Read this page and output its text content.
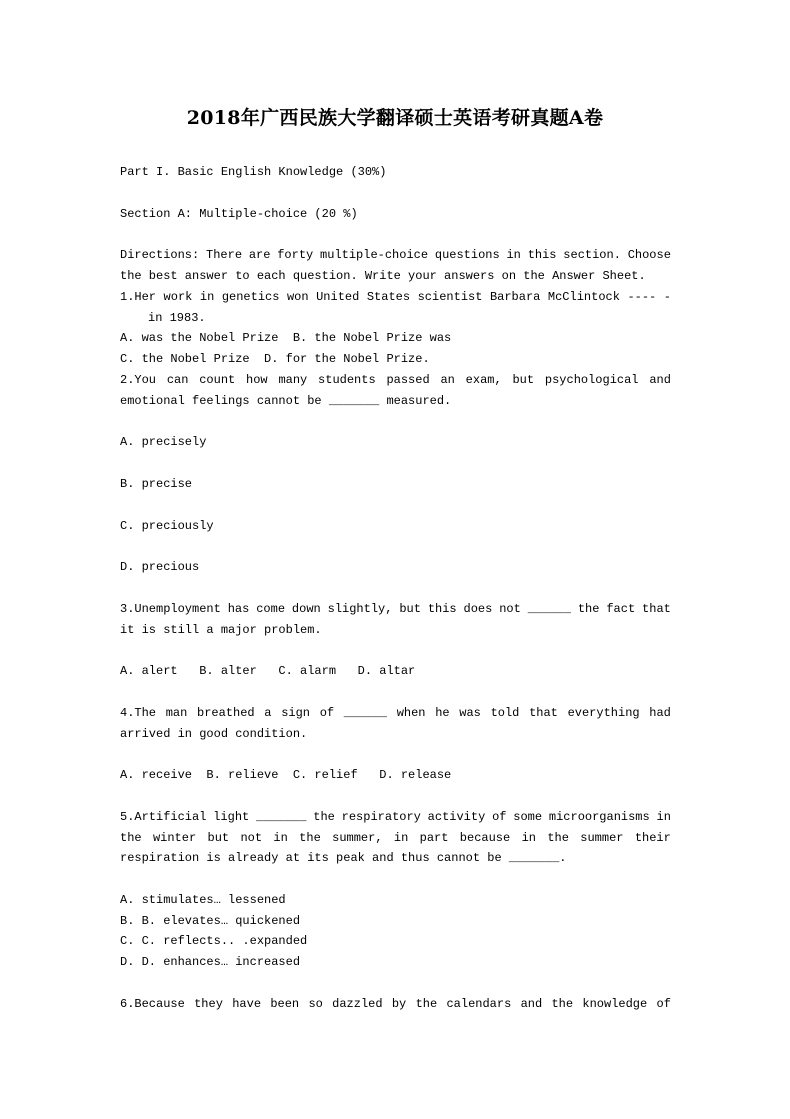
2018年广西民族大学翻译硕士英语考研真题A卷
Part I. Basic English Knowledge (30%)
Section A: Multiple-choice (20 %)
Directions: There are forty multiple-choice questions in this section. Choose
the best answer to each question. Write your answers on the Answer Sheet.
1.Her work in genetics won United States scientist Barbara McClintock ---- -
in 1983.
A. was the Nobel Prize  B. the Nobel Prize was
C. the Nobel Prize  D. for the Nobel Prize.
2.You can count how many students passed an exam, but psychological and
emotional feelings cannot be _______ measured.
A. precisely
B. precise
C. preciously
D. precious
3.Unemployment has come down slightly, but this does not ______ the fact that
it is still a major problem.
A. alert   B. alter   C. alarm   D. altar
4.The man breathed a sign of ______ when he was told that everything had
arrived in good condition.
A. receive  B. relieve  C. relief   D. release
5.Artificial light _______ the respiratory activity of some microorganisms in
the winter but not in the summer, in part because in the summer their
respiration is already at its peak and thus cannot be _______.
A. stimulates… lessened
B. B. elevates… quickened
C. C. reflects.. .expanded
D. D. enhances… increased
6.Because they have been so dazzled by the calendars and the knowledge of
